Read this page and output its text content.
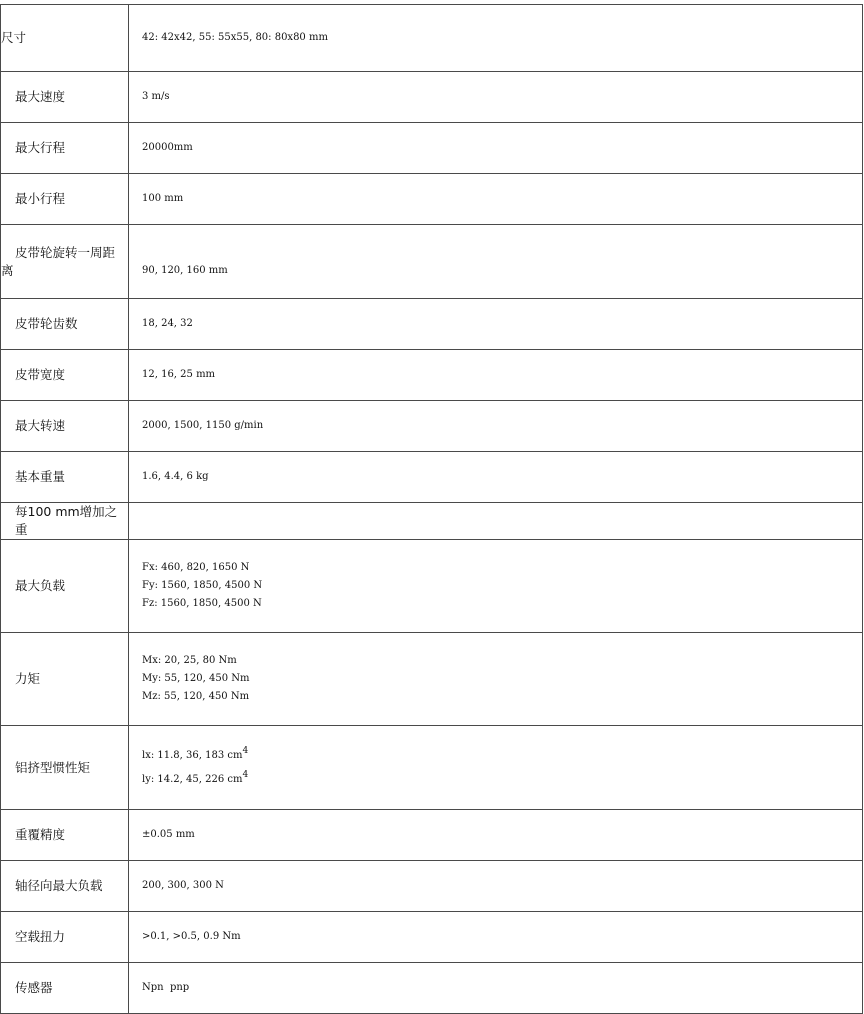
尺寸	42: 42x42, 55: 55x55, 80: 80x80 mm

最大速度	3 m/s

最大行程	20000mm

最小行程	100 mm

皮带轮旋转一周距离	90, 120, 160 mm

皮带轮齿数	18, 24, 32

皮带宽度	12, 16, 25 mm

最大转速	2000, 1500, 1150 g/min

基本重量	1.6, 4.4, 6 kg

每100 mm增加之重	
最大负载	Fx: 460, 820, 1650 N
Fy: 1560, 1850, 4500 N
Fz: 1560, 1850, 4500 N

力矩	Mx: 20, 25, 80 Nm
My: 55, 120, 450 Nm
Mz: 55, 120, 450 Nm

铝挤型惯性矩	lx: 11.8, 36, 183 $cm^4$
ly: 14.2, 45, 226 $cm^4$

重覆精度	±0.05 mm

轴径向最大负载	200, 300, 300 N

空载扭力	>0.1, >0.5, 0.9 Nm

传感器	Npn  pnp
